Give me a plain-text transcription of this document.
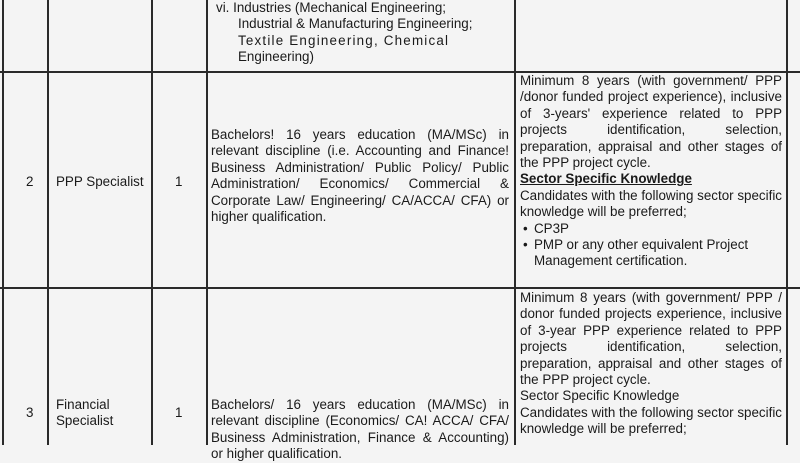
vi. Industries (Mechanical Engineering;
Industrial & Manufacturing Engineering;
Textile Engineering, Chemical
Engineering)
2 PPP Specialist 1
Bachelors! 16 years education (MA/MSc) in relevant discipline (i.e. Accounting and Finance! Business Administration/ Public Policy/ Public Administration/ Economics/ Commercial & Corporate Law/ Engineering/ CA/ACCA/ CFA) or higher qualification.
Minimum 8 years (with government/ PPP /donor funded project experience), inclusive of 3-years' experience related to PPP projects identification, selection, preparation, appraisal and other stages of the PPP project cycle.
Sector Specific Knowledge
Candidates with the following sector specific knowledge will be preferred;
• CP3P
• PMP or any other equivalent Project Management certification.
3
Financial
Specialist
1
Bachelors/ 16 years education (MA/MSc) in relevant discipline (Economics/ CA! ACCA/ CFA/ Business Administration, Finance & Accounting) or higher qualification.
Minimum 8 years (with government/ PPP / donor funded projects experience, inclusive of 3-year PPP experience related to PPP projects identification, selection, preparation, appraisal and other stages of the PPP project cycle.
Sector Specific Knowledge
Candidates with the following sector specific knowledge will be preferred;
